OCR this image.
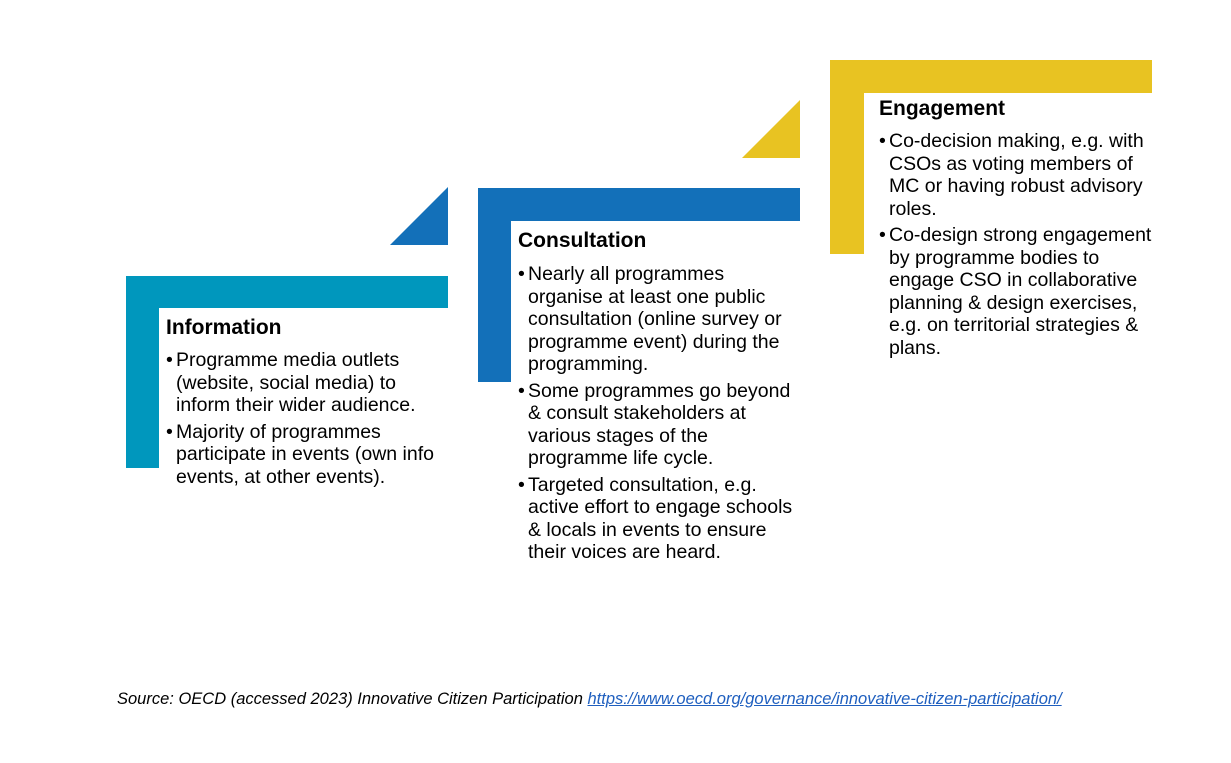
Information
• Programme media outlets (website, social media) to inform their wider audience.
• Majority of programmes participate in events (own info events, at other events).
Consultation
• Nearly all programmes organise at least one public consultation (online survey or programme event) during the programming.
• Some programmes go beyond & consult stakeholders at various stages of the programme life cycle.
• Targeted consultation, e.g. active effort to engage schools & locals in events to ensure their voices are heard.
Engagement
• Co-decision making, e.g. with CSOs as voting members of MC or having robust advisory roles.
• Co-design strong engagement by programme bodies to engage CSO in collaborative planning & design exercises, e.g. on territorial strategies & plans.
Source: OECD (accessed 2023) Innovative Citizen Participation https://www.oecd.org/governance/innovative-citizen-participation/
